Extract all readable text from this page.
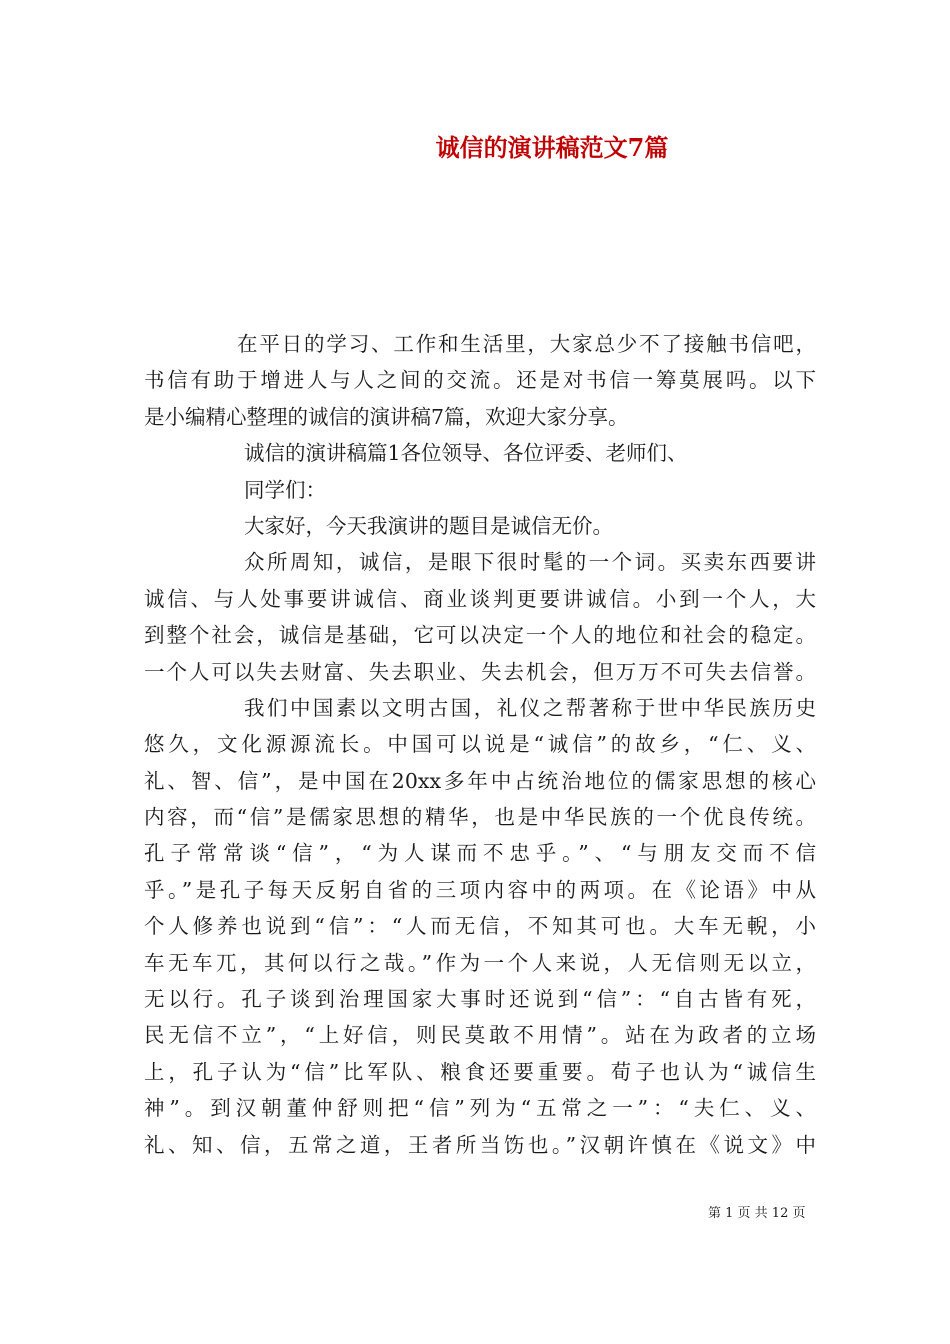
诚信的演讲稿范文7篇
在平日的学习、工作和生活里，大家总少不了接触书信吧，
书信有助于增进人与人之间的交流。还是对书信一筹莫展吗。以下
是小编精心整理的诚信的演讲稿7篇，欢迎大家分享。
诚信的演讲稿篇1各位领导、各位评委、老师们、
同学们：
大家好，今天我演讲的题目是诚信无价。
众所周知，诚信，是眼下很时髦的一个词。买卖东西要讲
诚信、与人处事要讲诚信、商业谈判更要讲诚信。小到一个人，大
到整个社会，诚信是基础，它可以决定一个人的地位和社会的稳定。
一个人可以失去财富、失去职业、失去机会，但万万不可失去信誉。
我们中国素以文明古国，礼仪之帮著称于世中华民族历史
悠久，文化源源流长。中国可以说是“诚信”的故乡，“仁、义、
礼、智、信”，是中国在20xx多年中占统治地位的儒家思想的核心
内容，而“信”是儒家思想的精华，也是中华民族的一个优良传统。
孔子常常谈“信”，“为人谋而不忠乎。”、“与朋友交而不信
乎。”是孔子每天反躬自省的三项内容中的两项。在《论语》中从
个人修养也说到“信”：“人而无信，不知其可也。大车无輗，小
车无车兀，其何以行之哉。”作为一个人来说，人无信则无以立，
无以行。孔子谈到治理国家大事时还说到“信”：“自古皆有死，
民无信不立”，“上好信，则民莫敢不用情”。站在为政者的立场
上，孔子认为“信”比军队、粮食还要重要。荀子也认为“诚信生
神”。到汉朝董仲舒则把“信”列为“五常之一”：“夫仁、义、
礼、知、信，五常之道，王者所当饬也。”汉朝许慎在《说文》中
第 1 页 共 12 页
